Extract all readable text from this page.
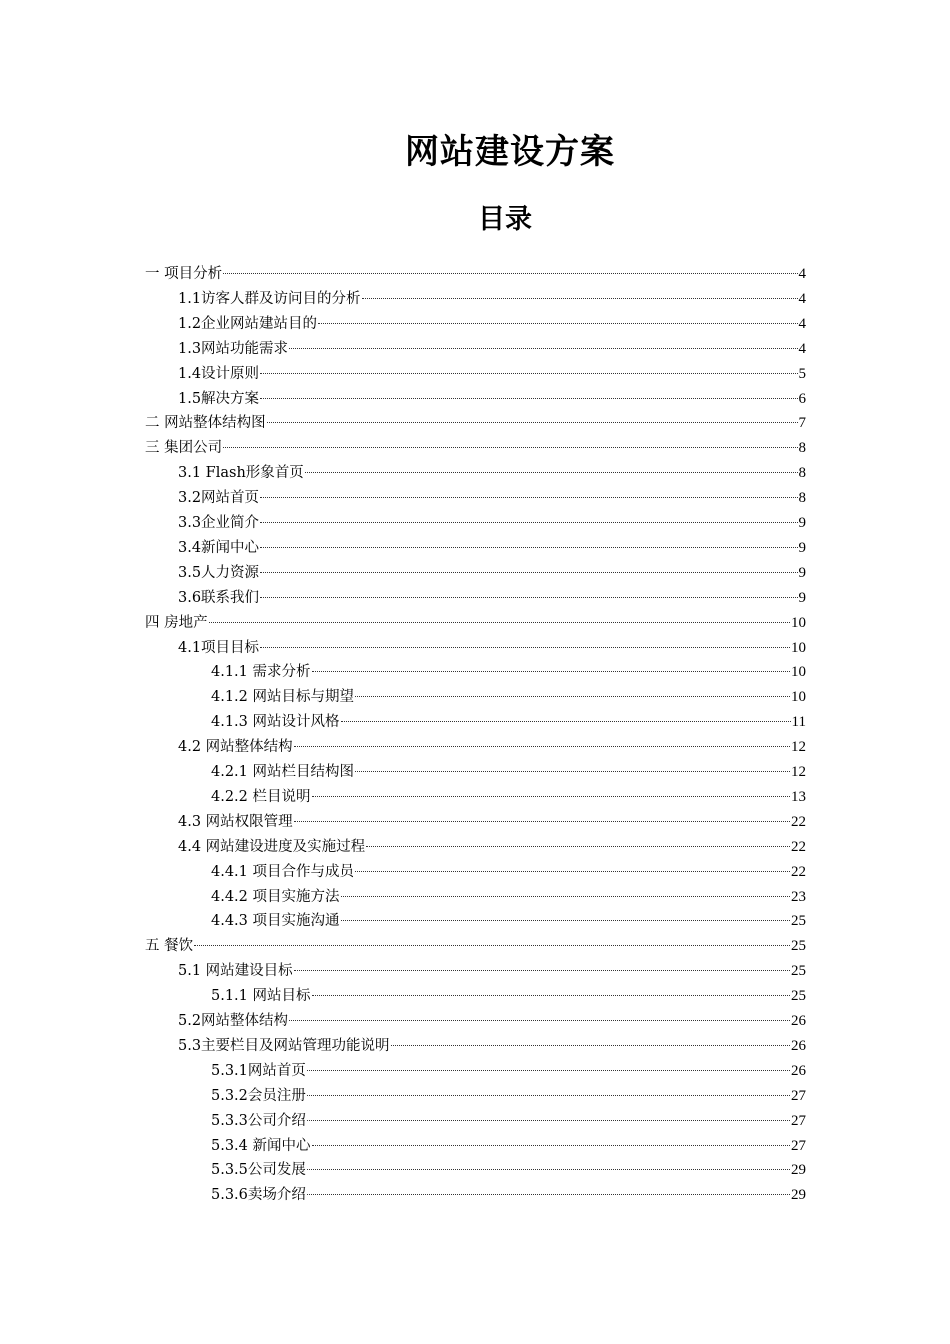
网站建设方案
目录
一 项目分析	4
1.1访客人群及访问目的分析	4
1.2企业网站建站目的	4
1.3网站功能需求	4
1.4设计原则	5
1.5解决方案	6
二 网站整体结构图	7
三 集团公司	8
3.1 Flash形象首页	8
3.2网站首页	8
3.3企业简介	9
3.4新闻中心	9
3.5人力资源	9
3.6联系我们	9
四 房地产	10
4.1项目目标	10
4.1.1 需求分析	10
4.1.2 网站目标与期望	10
4.1.3 网站设计风格	11
4.2 网站整体结构	12
4.2.1 网站栏目结构图	12
4.2.2 栏目说明	13
4.3 网站权限管理	22
4.4 网站建设进度及实施过程	22
4.4.1 项目合作与成员	22
4.4.2 项目实施方法	23
4.4.3 项目实施沟通	25
五 餐饮	25
5.1 网站建设目标	25
5.1.1 网站目标	25
5.2网站整体结构	26
5.3主要栏目及网站管理功能说明	26
5.3.1网站首页	26
5.3.2会员注册	27
5.3.3公司介绍	27
5.3.4 新闻中心	27
5.3.5公司发展	29
5.3.6卖场介绍	29
